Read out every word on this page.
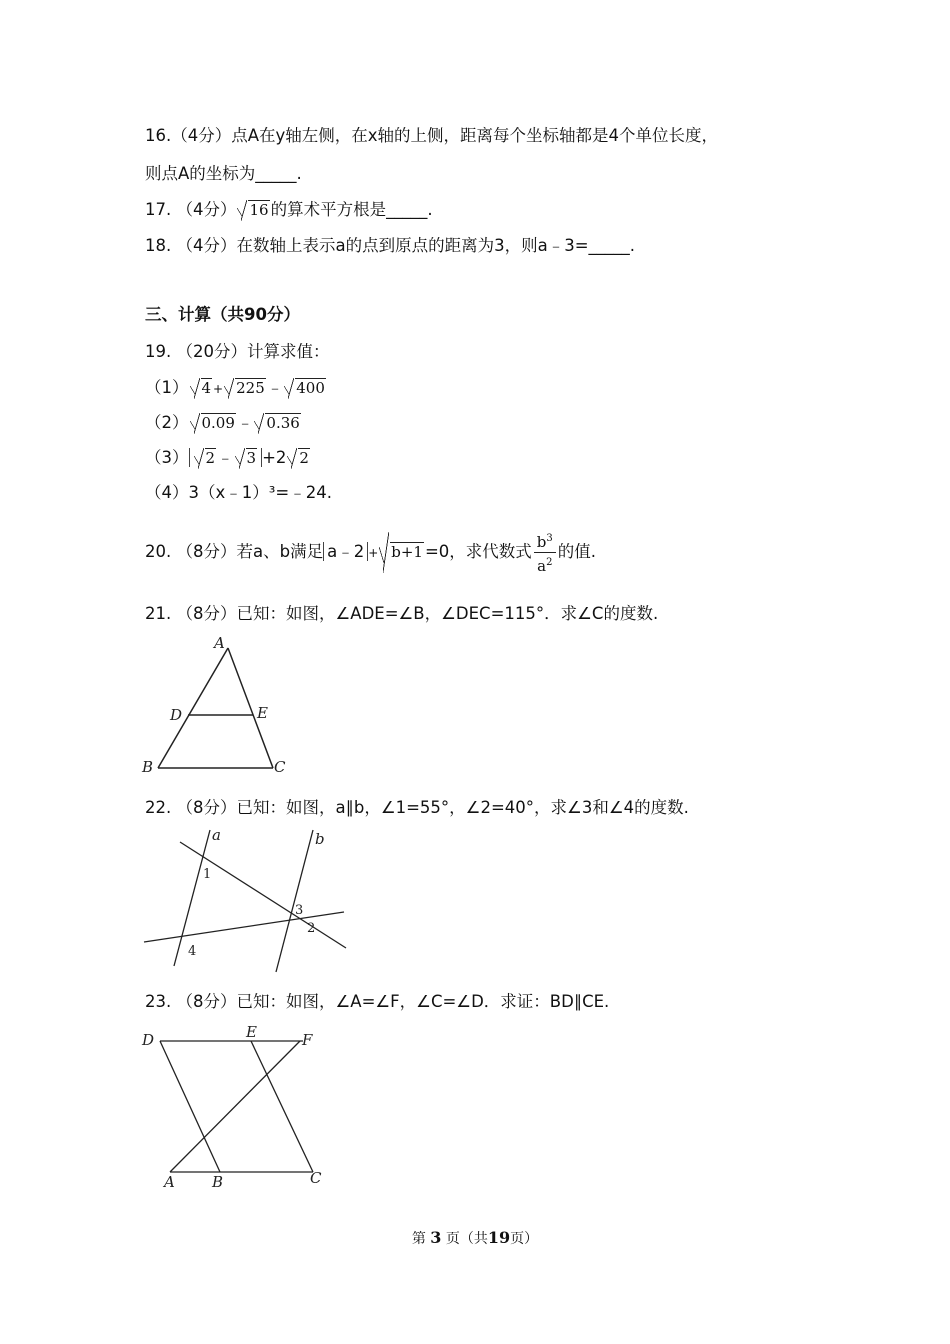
16.（4分）点A在y轴左侧，在x轴的上侧，距离每个坐标轴都是4个单位长度，
则点A的坐标为_____.
17. （4分） 16 的算术平方根是_____.
18. （4分）在数轴上表示a的点到原点的距离为3，则a﹣3=_____.
三、计算（共90分）
19. （20分）计算求值：
（1） 4 + 225 ﹣ 400
（2） 0.09 ﹣ 0.36
（3） 2 ﹣ 3 +2 2
（4）3（x﹣1）³=﹣24.
20. （8分）若a、b满足 a﹣2 + b+1 =0，求代数式 $\frac{b^3}{a^2}$ 的值.
21. （8分）已知：如图，∠ADE=∠B，∠DEC=115°．求∠C的度数.
A
D	E
B	C
22. （8分）已知：如图，a∥b，∠1=55°，∠2=40°，求∠3和∠4的度数.
a	b
1
3
2
4
23. （8分）已知：如图，∠A=∠F，∠C=∠D．求证：BD∥CE.
D	E	F
A B	C
第 3 页（共19页）
